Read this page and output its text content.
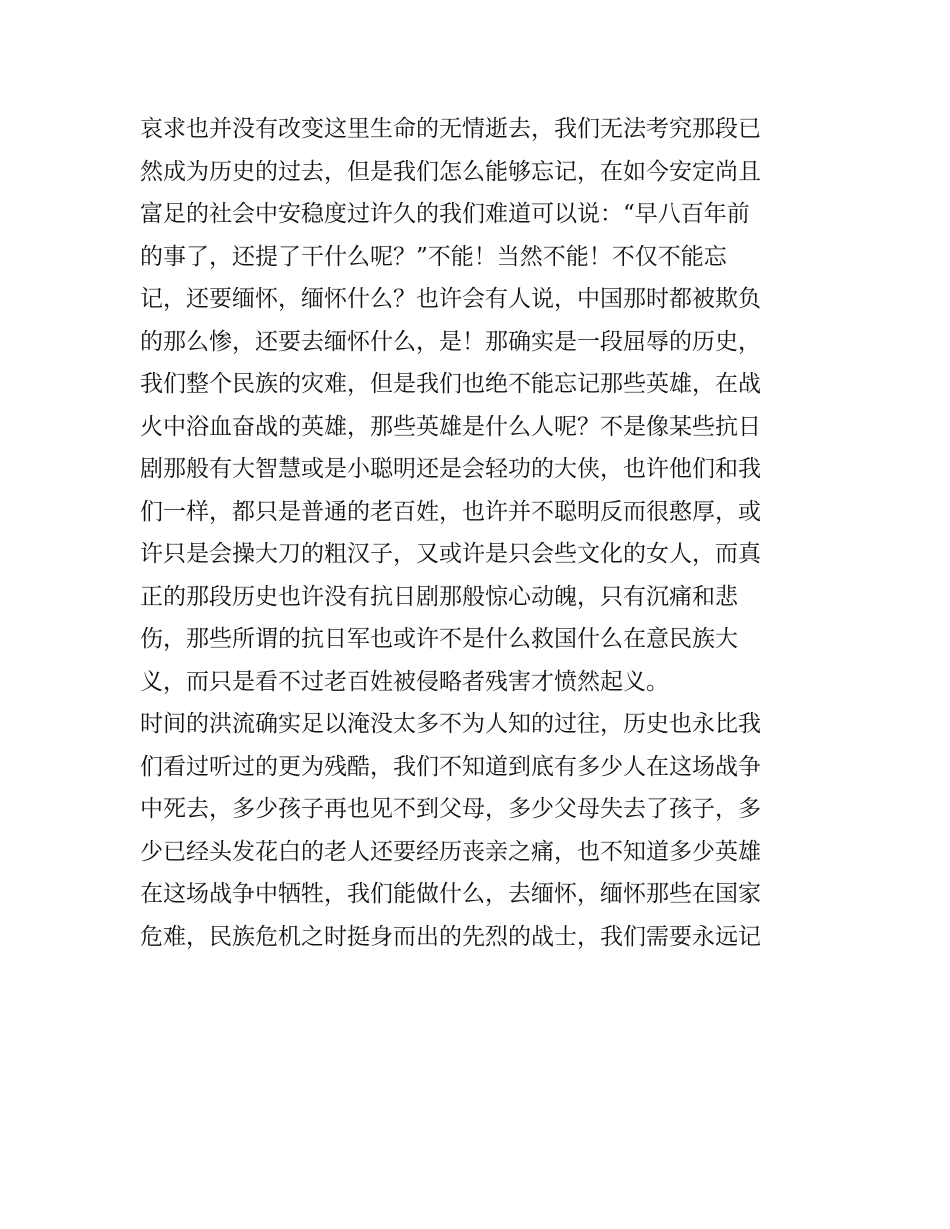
哀求也并没有改变这里生命的无情逝去，我们无法考究那段已

然成为历史的过去，但是我们怎么能够忘记，在如今安定尚且

富足的社会中安稳度过许久的我们难道可以说：“早八百年前

的事了，还提了干什么呢？”不能！当然不能！不仅不能忘

记，还要缅怀，缅怀什么？也许会有人说，中国那时都被欺负

的那么惨，还要去缅怀什么，是！那确实是一段屈辱的历史，

我们整个民族的灾难，但是我们也绝不能忘记那些英雄，在战

火中浴血奋战的英雄，那些英雄是什么人呢？不是像某些抗日

剧那般有大智慧或是小聪明还是会轻功的大侠，也许他们和我

们一样，都只是普通的老百姓，也许并不聪明反而很憨厚，或

许只是会操大刀的粗汉子，又或许是只会些文化的女人，而真

正的那段历史也许没有抗日剧那般惊心动魄，只有沉痛和悲

伤，那些所谓的抗日军也或许不是什么救国什么在意民族大

义，而只是看不过老百姓被侵略者残害才愤然起义。

时间的洪流确实足以淹没太多不为人知的过往，历史也永比我

们看过听过的更为残酷，我们不知道到底有多少人在这场战争

中死去，多少孩子再也见不到父母，多少父母失去了孩子，多

少已经头发花白的老人还要经历丧亲之痛，也不知道多少英雄

在这场战争中牺牲，我们能做什么，去缅怀，缅怀那些在国家

危难，民族危机之时挺身而出的先烈的战士，我们需要永远记
